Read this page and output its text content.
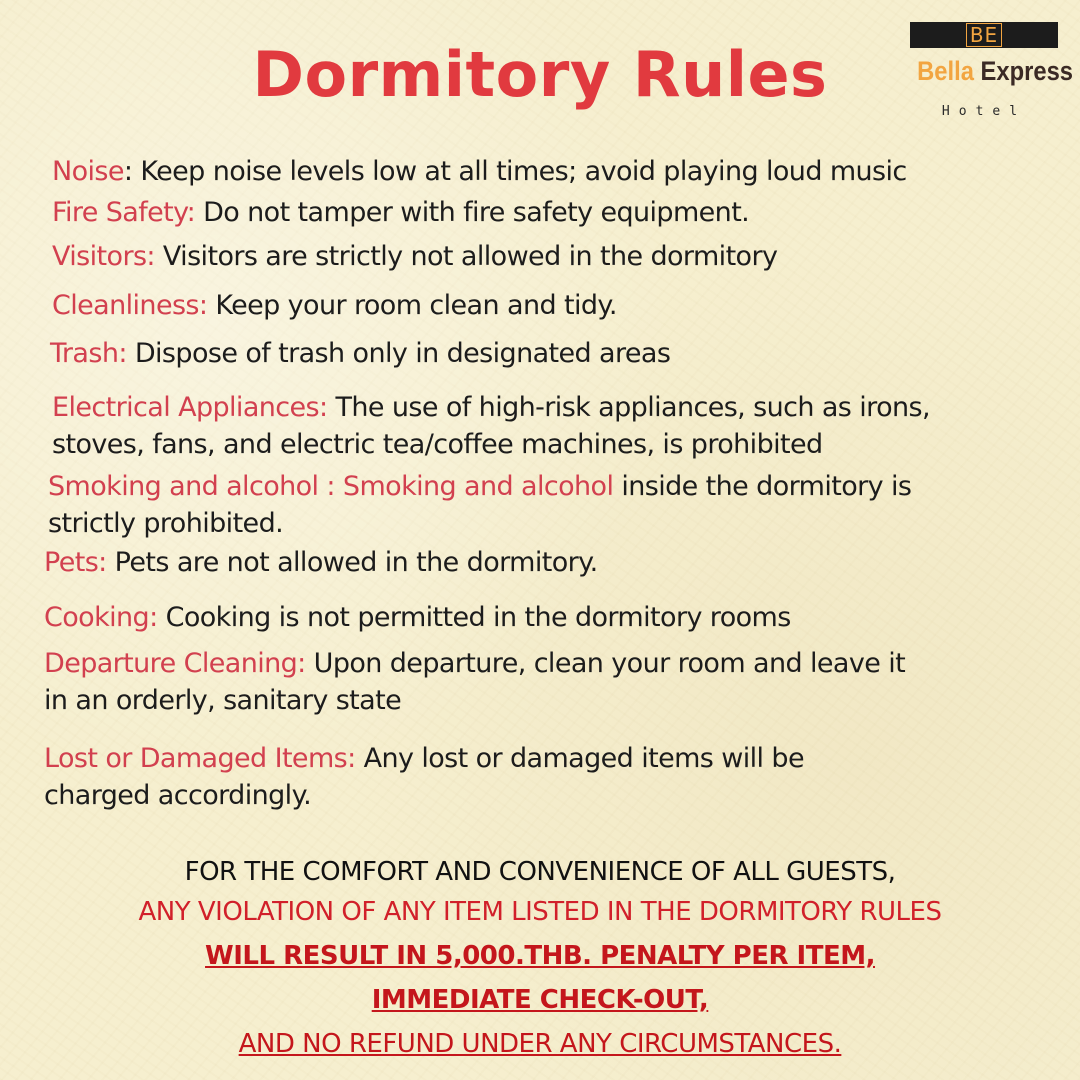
Dormitory Rules
BE
Bella Express
Hotel
Noise: Keep noise levels low at all times; avoid playing loud music
Fire Safety: Do not tamper with fire safety equipment.
Visitors: Visitors are strictly not allowed in the dormitory
Cleanliness: Keep your room clean and tidy.
Trash: Dispose of trash only in designated areas
Electrical Appliances: The use of high-risk appliances, such as irons,
stoves, fans, and electric tea/coffee machines, is prohibited
Smoking and alcohol : Smoking and alcohol inside the dormitory is
strictly prohibited.
Pets: Pets are not allowed in the dormitory.
Cooking: Cooking is not permitted in the dormitory rooms
Departure Cleaning: Upon departure, clean your room and leave it
in an orderly, sanitary state
Lost or Damaged Items: Any lost or damaged items will be
charged accordingly.
FOR THE COMFORT AND CONVENIENCE OF ALL GUESTS,
ANY VIOLATION OF ANY ITEM LISTED IN THE DORMITORY RULES
WILL RESULT IN 5,000.THB. PENALTY PER ITEM,
IMMEDIATE CHECK-OUT,
AND NO REFUND UNDER ANY CIRCUMSTANCES.
